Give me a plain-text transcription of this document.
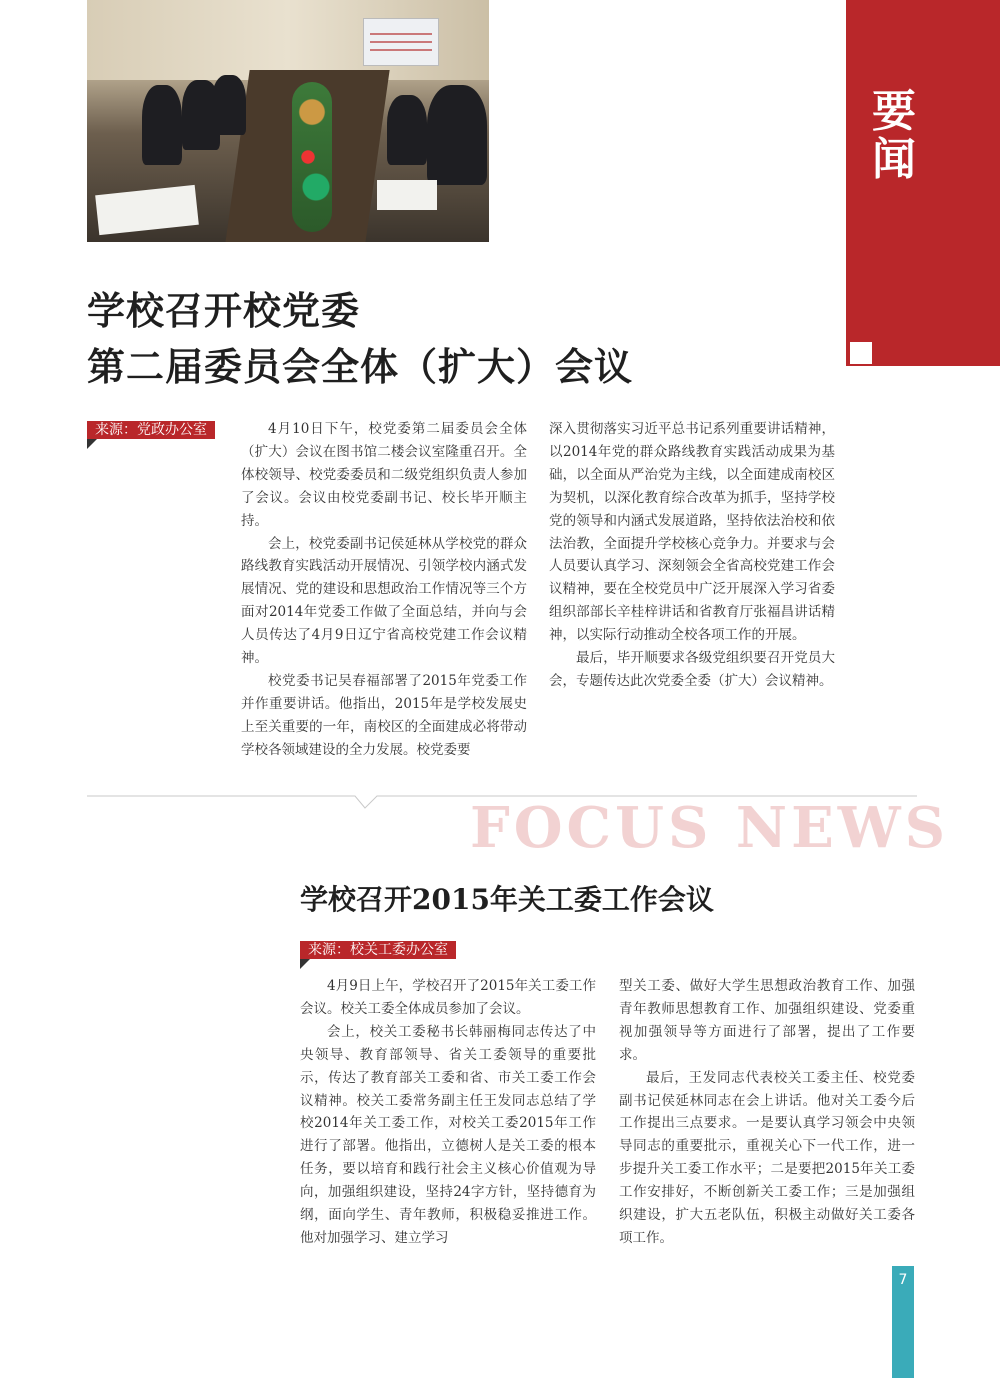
要
闻
学校召开校党委
第二届委员会全体（扩大）会议
来源：党政办公室	4月10日下午，校党委第二届委员会全体（扩大）会议在图书馆二楼会议室隆重召开。全体校领导、校党委委员和二级党组织负责人参加了会议。会议由校党委副书记、校长毕开顺主持。

会上，校党委副书记侯延林从学校党的群众路线教育实践活动开展情况、引领学校内涵式发展情况、党的建设和思想政治工作情况等三个方面对2014年党委工作做了全面总结，并向与会人员传达了4月9日辽宁省高校党建工作会议精神。

校党委书记吴春福部署了2015年党委工作并作重要讲话。他指出，2015年是学校发展史上至关重要的一年，南校区的全面建成必将带动学校各领域建设的全力发展。校党委要

深入贯彻落实习近平总书记系列重要讲话精神，以2014年党的群众路线教育实践活动成果为基础，以全面从严治党为主线，以全面建成南校区为契机，以深化教育综合改革为抓手，坚持学校党的领导和内涵式发展道路，坚持依法治校和依法治教，全面提升学校核心竞争力。并要求与会人员要认真学习、深刻领会全省高校党建工作会议精神，要在全校党员中广泛开展深入学习省委组织部部长辛桂梓讲话和省教育厅张福昌讲话精神，以实际行动推动全校各项工作的开展。

最后，毕开顺要求各级党组织要召开党员大会，专题传达此次党委全委（扩大）会议精神。

FOCUS NEWS
学校召开2015年关工委工作会议
来源：校关工委办公室

4月9日上午，学校召开了2015年关工委工作会议。校关工委全体成员参加了会议。

会上，校关工委秘书长韩丽梅同志传达了中央领导、教育部领导、省关工委领导的重要批示，传达了教育部关工委和省、市关工委工作会议精神。校关工委常务副主任王发同志总结了学校2014年关工委工作，对校关工委2015年工作进行了部署。他指出，立德树人是关工委的根本任务，要以培育和践行社会主义核心价值观为导向，加强组织建设，坚持24字方针，坚持德育为纲，面向学生、青年教师，积极稳妥推进工作。他对加强学习、建立学习

型关工委、做好大学生思想政治教育工作、加强青年教师思想教育工作、加强组织建设、党委重视加强领导等方面进行了部署，提出了工作要求。

最后，王发同志代表校关工委主任、校党委副书记侯延林同志在会上讲话。他对关工委今后工作提出三点要求。一是要认真学习领会中央领导同志的重要批示，重视关心下一代工作，进一步提升关工委工作水平；二是要把2015年关工委工作安排好，不断创新关工委工作；三是加强组织建设，扩大五老队伍，积极主动做好关工委各项工作。

7
